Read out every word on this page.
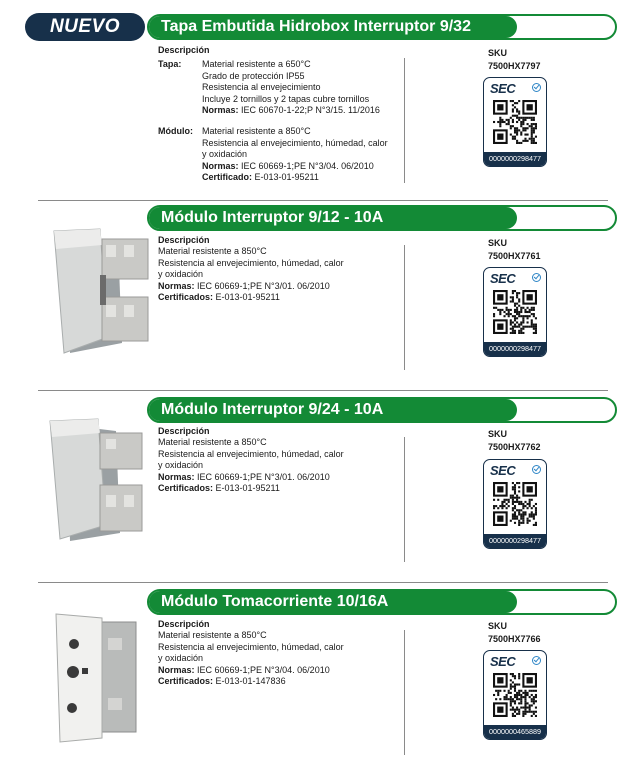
NUEVO	Tapa Embutida Hidrobox Interruptor 9/32
Descripción
Tapa:	Material resistente a 650°C
Grado de protección IP55
Resistencia al envejecimiento
Incluye 2 tornillos y 2 tapas cubre tornillos
Normas: IEC 60670-1-22;P N°3/15. 11/2016
Módulo:	Material resistente a 850°C
Resistencia al envejecimiento, húmedad, calor
y oxidación
Normas: IEC 60669-1;PE N°3/04. 06/2010
Certificado: E-013-01-95211
SKU
7500HX7797
SEC
0000000298477
Módulo Interruptor 9/12 - 10A
Descripción
Material resistente a 850°C
Resistencia al envejecimiento, húmedad, calor
y oxidación
Normas: IEC 60669-1;PE N°3/01. 06/2010
Certificados: E-013-01-95211
SKU
7500HX7761
SEC
0000000298477
Módulo Interruptor 9/24 - 10A
Descripción
Material resistente a 850°C
Resistencia al envejecimiento, húmedad, calor
y oxidación
Normas: IEC 60669-1;PE N°3/01. 06/2010
Certificados: E-013-01-95211
SKU
7500HX7762
SEC
0000000298477
Módulo Tomacorriente 10/16A
Descripción
Material resistente a 850°C
Resistencia al envejecimiento, húmedad, calor
y oxidación
Normas: IEC 60669-1;PE N°3/04. 06/2010
Certificados: E-013-01-147836
SKU
7500HX7766
SEC
0000000465889
